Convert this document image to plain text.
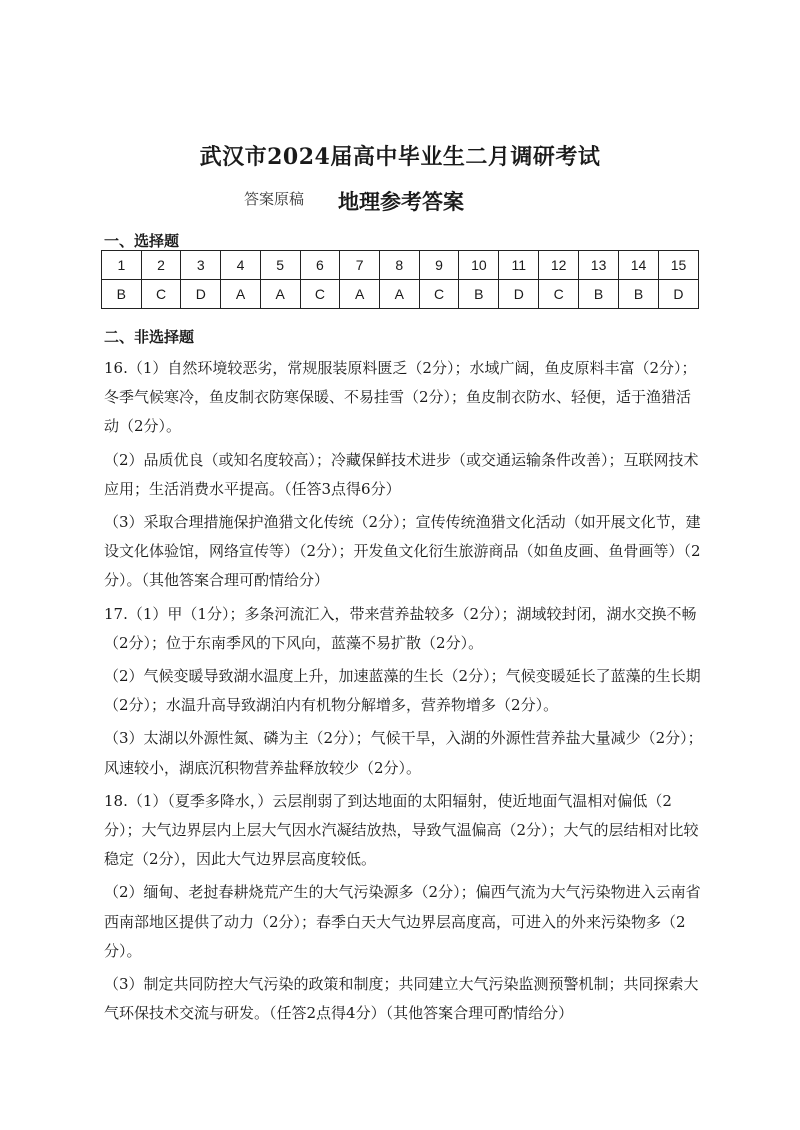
武汉市2024届高中毕业生二月调研考试
答案原稿 地理参考答案
一、选择题
1	2	3	4	5	6	7	8	9	10	11	12	13	14	15
B	C	D	A	A	C	A	A	C	B	D	C	B	B	D
二、非选择题

16.（1）自然环境较恶劣，常规服装原料匮乏（2分）；水域广阔，鱼皮原料丰富（2分）；冬季气候寒冷，鱼皮制衣防寒保暖、不易挂雪（2分）；鱼皮制衣防水、轻便，适于渔猎活动（2分）。

（2）品质优良（或知名度较高）；冷藏保鲜技术进步（或交通运输条件改善）；互联网技术应用；生活消费水平提高。（任答3点得6分）

（3）采取合理措施保护渔猎文化传统（2分）；宣传传统渔猎文化活动（如开展文化节，建设文化体验馆，网络宣传等）（2分）；开发鱼文化衍生旅游商品（如鱼皮画、鱼骨画等）（2分）。（其他答案合理可酌情给分）

17.（1）甲（1分）；多条河流汇入，带来营养盐较多（2分）；湖域较封闭，湖水交换不畅（2分）；位于东南季风的下风向，蓝藻不易扩散（2分）。

（2）气候变暖导致湖水温度上升，加速蓝藻的生长（2分）；气候变暖延长了蓝藻的生长期（2分）；水温升高导致湖泊内有机物分解增多，营养物增多（2分）。

（3）太湖以外源性氮、磷为主（2分）；气候干旱，入湖的外源性营养盐大量减少（2分）；风速较小，湖底沉积物营养盐释放较少（2分）。

18.（1）（夏季多降水，）云层削弱了到达地面的太阳辐射，使近地面气温相对偏低（2分）；大气边界层内上层大气因水汽凝结放热，导致气温偏高（2分）；大气的层结相对比较稳定（2分），因此大气边界层高度较低。

（2）缅甸、老挝春耕烧荒产生的大气污染源多（2分）；偏西气流为大气污染物进入云南省西南部地区提供了动力（2分）；春季白天大气边界层高度高，可进入的外来污染物多（2分）。

（3）制定共同防控大气污染的政策和制度；共同建立大气污染监测预警机制；共同探索大气环保技术交流与研发。（任答2点得4分）（其他答案合理可酌情给分）
